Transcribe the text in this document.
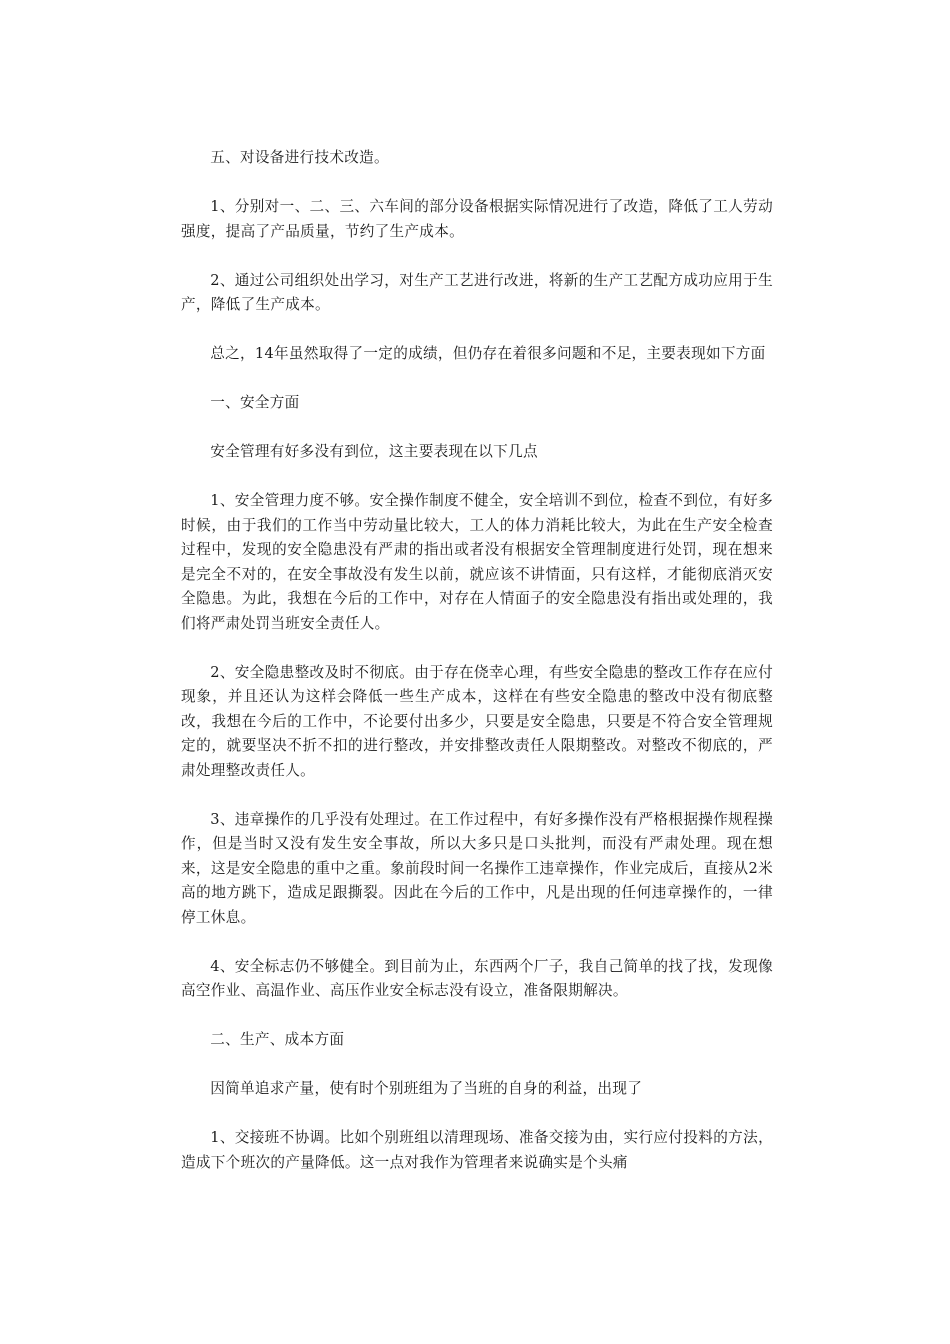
五、对设备进行技术改造。

1、分别对一、二、三、六车间的部分设备根据实际情况进行了改造，降低了工人劳动强度，提高了产品质量，节约了生产成本。

2、通过公司组织处出学习，对生产工艺进行改进，将新的生产工艺配方成功应用于生产，降低了生产成本。

总之，14年虽然取得了一定的成绩，但仍存在着很多问题和不足，主要表现如下方面

一、安全方面

安全管理有好多没有到位，这主要表现在以下几点

1、安全管理力度不够。安全操作制度不健全，安全培训不到位，检查不到位，有好多时候，由于我们的工作当中劳动量比较大，工人的体力消耗比较大，为此在生产安全检查过程中，发现的安全隐患没有严肃的指出或者没有根据安全管理制度进行处罚，现在想来是完全不对的，在安全事故没有发生以前，就应该不讲情面，只有这样，才能彻底消灭安全隐患。为此，我想在今后的工作中，对存在人情面子的安全隐患没有指出或处理的，我们将严肃处罚当班安全责任人。

2、安全隐患整改及时不彻底。由于存在侥幸心理，有些安全隐患的整改工作存在应付现象，并且还认为这样会降低一些生产成本，这样在有些安全隐患的整改中没有彻底整改，我想在今后的工作中，不论要付出多少，只要是安全隐患，只要是不符合安全管理规定的，就要坚决不折不扣的进行整改，并安排整改责任人限期整改。对整改不彻底的，严肃处理整改责任人。

3、违章操作的几乎没有处理过。在工作过程中，有好多操作没有严格根据操作规程操作，但是当时又没有发生安全事故，所以大多只是口头批判，而没有严肃处理。现在想来，这是安全隐患的重中之重。象前段时间一名操作工违章操作，作业完成后，直接从2米高的地方跳下，造成足跟撕裂。因此在今后的工作中，凡是出现的任何违章操作的，一律停工休息。

4、安全标志仍不够健全。到目前为止，东西两个厂子，我自己简单的找了找，发现像高空作业、高温作业、高压作业安全标志没有设立，准备限期解决。

二、生产、成本方面

因简单追求产量，使有时个别班组为了当班的自身的利益，出现了

1、交接班不协调。比如个别班组以清理现场、准备交接为由，实行应付投料的方法，造成下个班次的产量降低。这一点对我作为管理者来说确实是个头痛
